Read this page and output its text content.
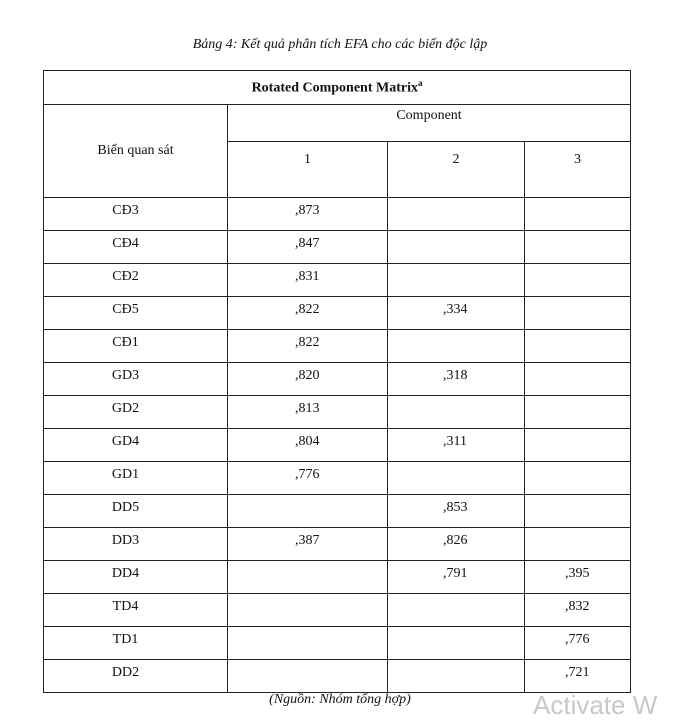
Bảng 4: Kết quả phân tích EFA cho các biến độc lập
Rotated Component Matrix$^a$
Biến quan sát	Component		
	1	2	3
CĐ3	,873		
CĐ4	,847		
CĐ2	,831		
CĐ5	,822	,334	
CĐ1	,822		
GD3	,820	,318	
GD2	,813		
GD4	,804	,311	
GD1	,776		
DD5		,853	
DD3	,387	,826	
DD4		,791	,395
TD4			,832
TD1			,776
DD2			,721
(Nguồn: Nhóm tổng hợp)	Activate W
